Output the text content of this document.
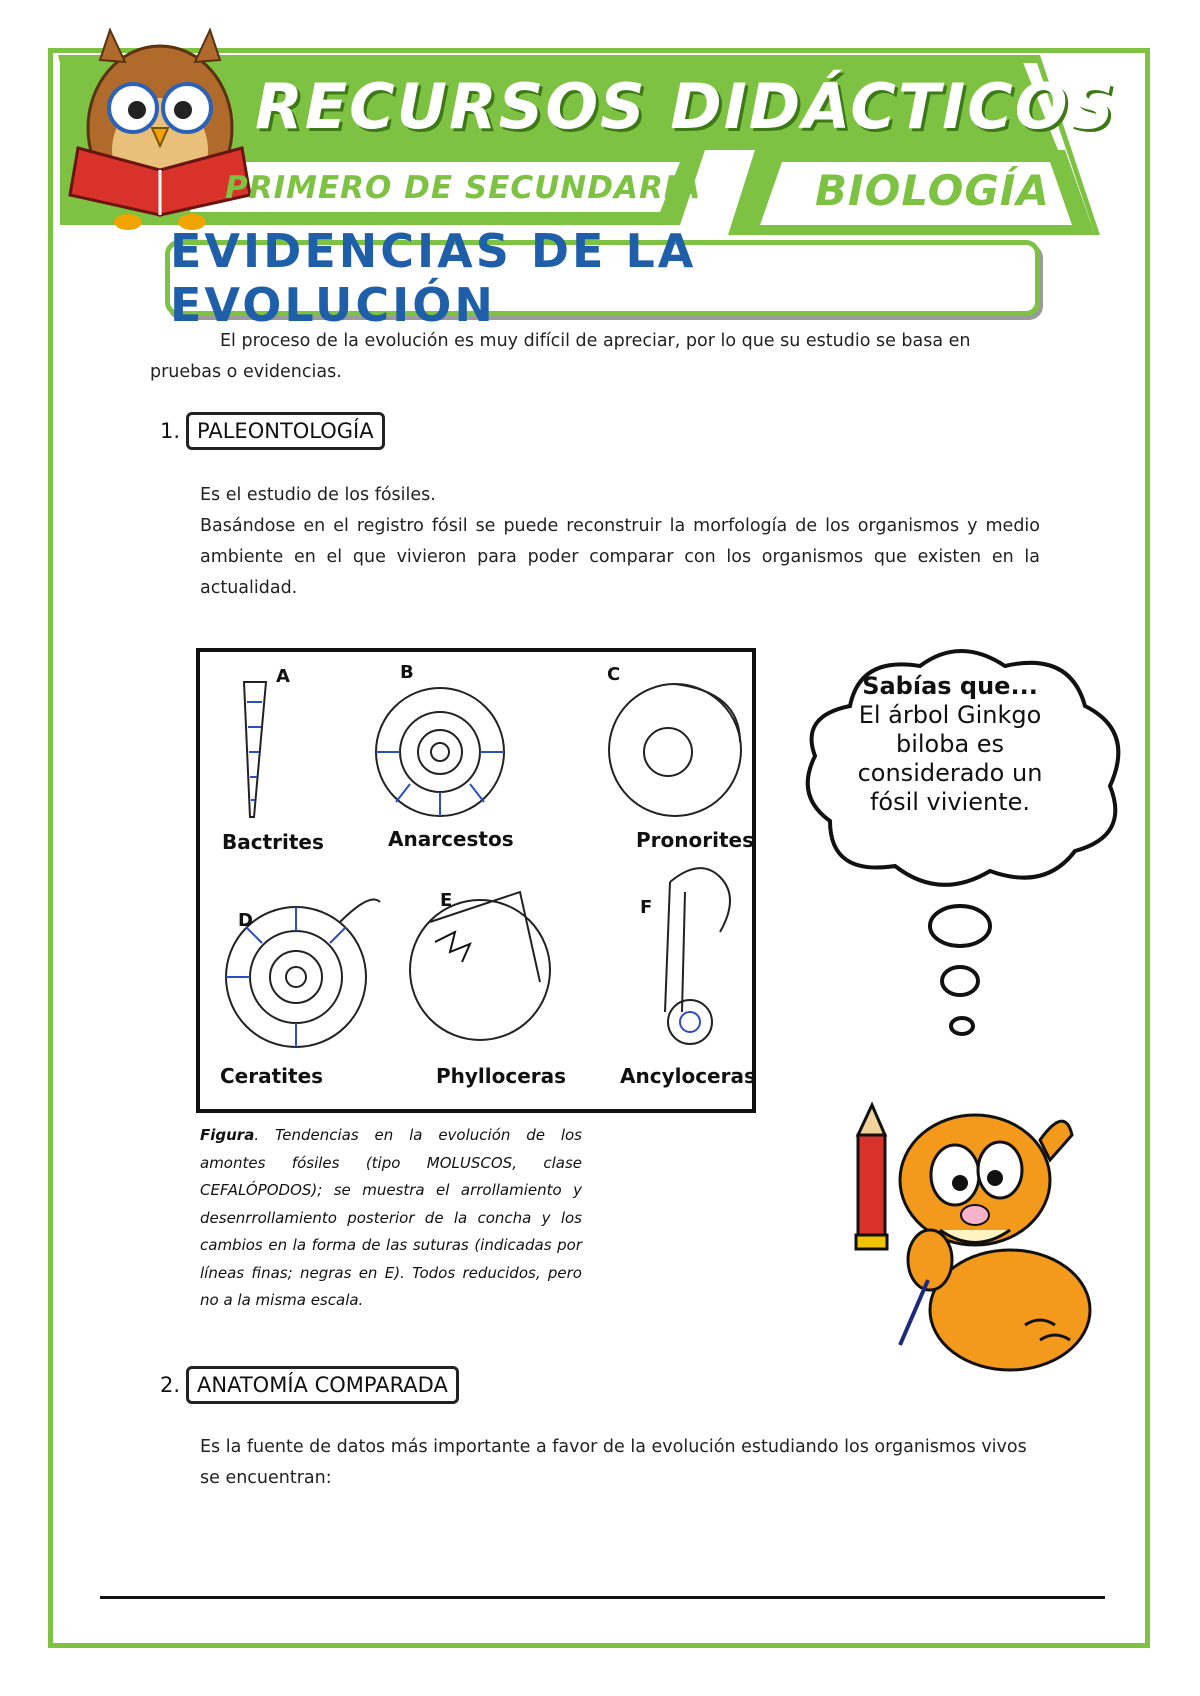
RECURSOS DIDÁCTICOS
PRIMERO DE SECUNDARIA	BIOLOGÍA
EVIDENCIAS DE LA EVOLUCIÓN

El proceso de la evolución es muy difícil de apreciar, por lo que su estudio se basa en pruebas o evidencias.

1. PALEONTOLOGÍA

Es el estudio de los fósiles.

Basándose en el registro fósil se puede reconstruir la morfología de los organismos y medio ambiente en el que vivieron para poder comparar con los organismos que existen en la actualidad.

A	B	C
D
E	F
Bactrites	Anarcestos	Pronorites
Ceratites	Phylloceras	Ancyloceras

Figura. Tendencias en la evolución de los amontes fósiles (tipo MOLUSCOS, clase CEFALÓPODOS); se muestra el arrollamiento y desenrrollamiento posterior de la concha y los cambios en la forma de las suturas (indicadas por líneas finas; negras en E). Todos reducidos, pero no a la misma escala.

Sabías que...
El árbol Ginkgo biloba es considerado un fósil viviente.
2. ANATOMÍA COMPARADA

Es la fuente de datos más importante a favor de la evolución estudiando los organismos vivos se encuentran:
